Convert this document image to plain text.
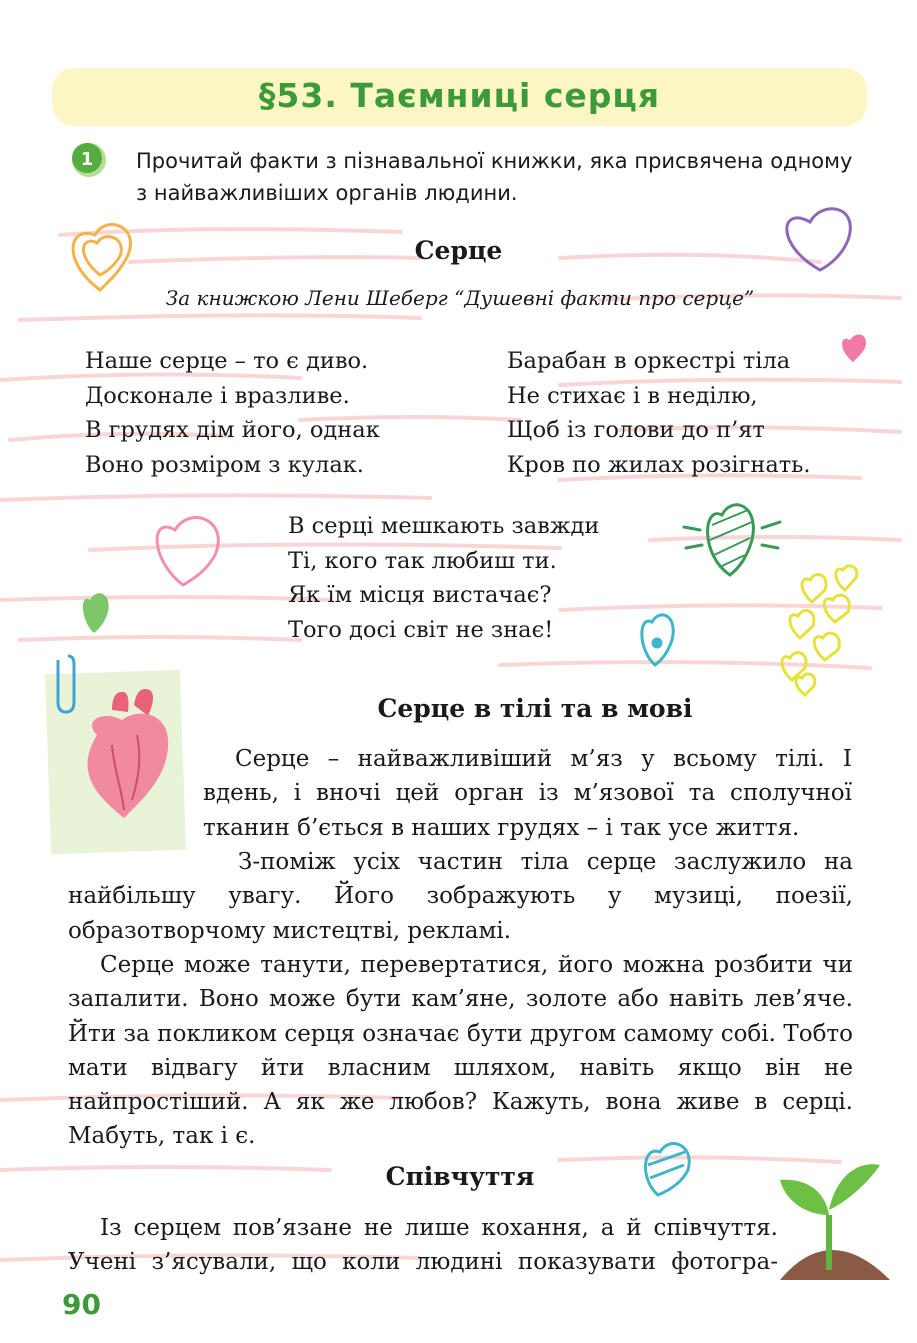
§53. Таємниці серця
1 Прочитай факти з пізнавальної книжки, яка присвячена одному з найважливіших органів людини.
Серце
За книжкою Лени Шеберг “Душевні факти про серце”
Наше серце – то є диво.
Досконале і вразливе.
В грудях дім його, однак
Воно розміром з кулак.
Барабан в оркестрі тіла
Не стихає і в неділю,
Щоб із голови до п’ят
Кров по жилах розігнать.
В серці мешкають завжди
Ті, кого так любиш ти.
Як їм місця вистачає?
Того досі світ не знає!
Серце в тілі та в мові
Серце – найважливіший м’яз у всьому тілі. І вдень, і вночі цей орган із м’язової та сполучної тканин б’ється в наших грудях – і так усе життя.
З-поміж усіх частин тіла серце заслужило на найбільшу увагу. Його зображують у музиці, поезії, образотворчому мистецтві, рекламі.
Серце може танути, перевертатися, його можна розбити чи запалити. Воно може бути кам’яне, золоте або навіть лев’яче. Йти за покликом серця означає бути другом самому собі. Тобто мати відвагу йти власним шляхом, навіть якщо він не найпростіший. А як же любов? Кажуть, вона живе в серці. Мабуть, так і є.
Співчуття
Із серцем пов’язане не лише кохання, а й співчуття. Учені з’ясували, що коли людині показувати фотогра-
90
